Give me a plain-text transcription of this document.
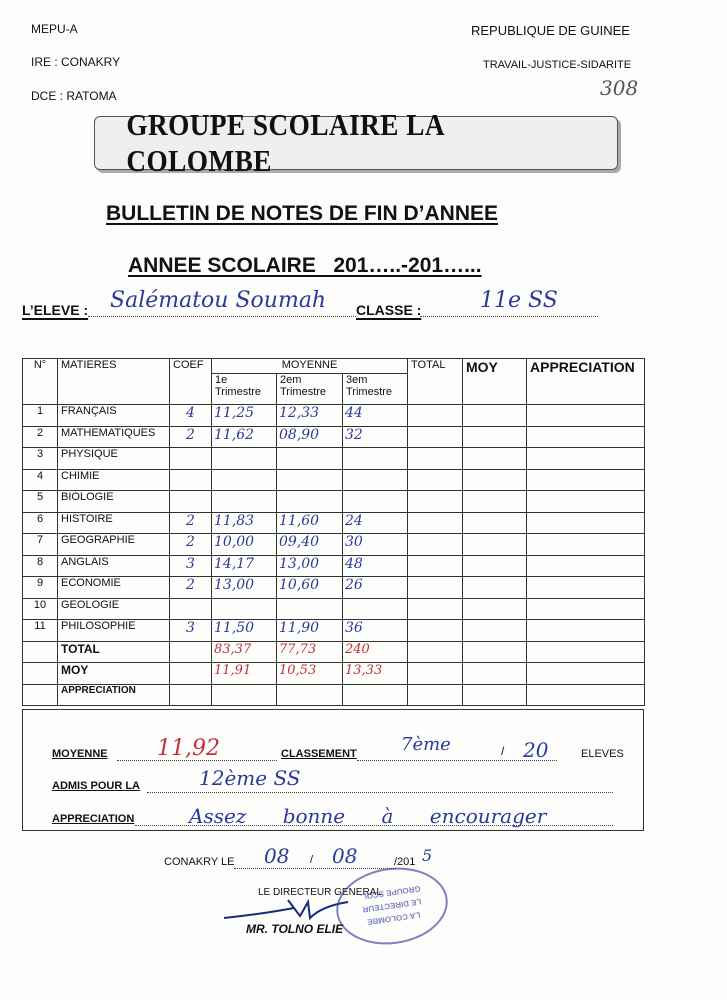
MEPU-A
IRE : CONAKRY
DCE : RATOMA
REPUBLIQUE DE GUINEE
TRAVAIL-JUSTICE-SIDARITE
308
GROUPE SCOLAIRE LA COLOMBE
BULLETIN DE NOTES DE FIN D’ANNEE
ANNEE SCOLAIRE   201…..-201…...
L’ELEVE : Salématou Soumah CLASSE :	11e SS
N°	MATIERES	COEF	MOYENNE			TOTAL	MOY	APPRECIATION
			1e Trimestre	2em Trimestre	3em Trimestre			
1	FRANÇAIS	4	11,25	12,33	44			
2	MATHEMATIQUES	2	11,62	08,90	32			
3	PHYSIQUE							
4	CHIMIE							
5	BIOLOGIE							
6	HISTOIRE	2	11,83	11,60	24			
7	GEOGRAPHIE	2	10,00	09,40	30			
8	ANGLAIS	3	14,17	13,00	48			
9	ECONOMIE	2	13,00	10,60	26			
10	GEOLOGIE							
11	PHILOSOPHIE	3	11,50	11,90	36			
	TOTAL		83,37	77,73	240			
	MOY		11,91	10,53	13,33			
	APPRECIATION							
MOYENNE 11,92	CLASSEMENT 7ème	/ 20	ELEVES
ADMIS POUR LA	12ème SS
APPRECIATION	Assez bonne à encourager
CONAKRY LE 08 / 08	/201 5
LE DIRECTEUR GENERAL
LA COLOMBE
LE DIRECTEUR
GROUPE SCOL.
MR. TOLNO ELIE
